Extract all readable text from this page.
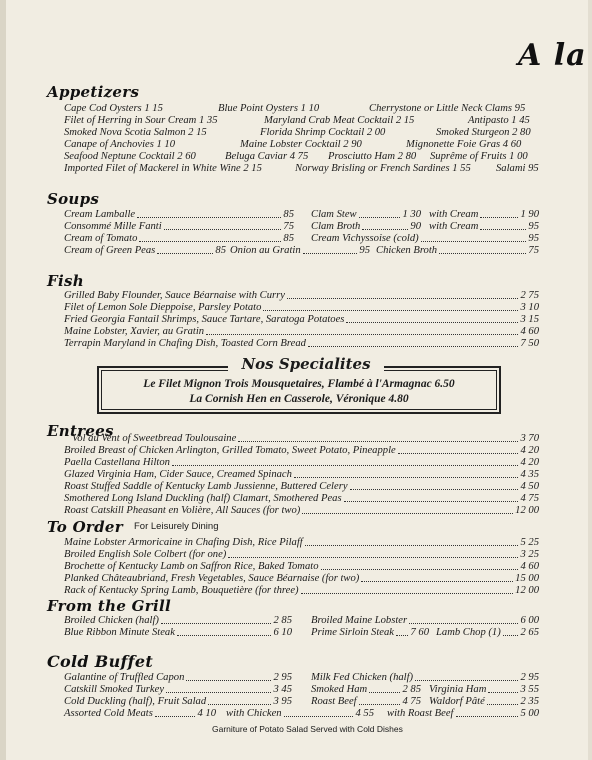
A la
Appetizers
Cape Cod Oysters 1 15	Blue Point Oysters 1 10	Cherrystone or Little Neck Clams 95
Filet of Herring in Sour Cream 1 35	Maryland Crab Meat Cocktail 2 15	Antipasto 1 45
Smoked Nova Scotia Salmon 2 15	Florida Shrimp Cocktail 2 00	Smoked Sturgeon 2 80
Canape of Anchovies 1 10	Maine Lobster Cocktail 2 90	Mignonette Foie Gras 4 60
Seafood Neptune Cocktail 2 60	Beluga Caviar 4 75 Prosciutto Ham 2 80 Suprême of Fruits 1 00
Imported Filet of Mackerel in White Wine 2 15	Norway Brisling or French Sardines 1 55 Salami 95
Soups
Cream Lamballe	85 Clam Stew	1 30 with Cream	1 90
Consommé Mille Fanti	75 Clam Broth	90 with Cream	95
Cream of Tomato	85 Cream Vichyssoise (cold)	95
Cream of Green Peas	85 Onion au Gratin	95 Chicken Broth	75
Fish
Grilled Baby Flounder, Sauce Béarnaise with Curry	2 75
Filet of Lemon Sole Dieppoise, Parsley Potato	3 10
Fried Georgia Fantail Shrimps, Sauce Tartare, Saratoga Potatoes	3 15
Maine Lobster, Xavier, au Gratin	4 60
Terrapin Maryland in Chafing Dish, Toasted Corn Bread	7 50
Nos Specialites
Le Filet Mignon Trois Mousquetaires, Flambé à l'Armagnac 6.50
La Cornish Hen en Casserole, Véronique 4.80
Entrees
Vol au Vent of Sweetbread Toulousaine	3 70
Broiled Breast of Chicken Arlington, Grilled Tomato, Sweet Potato, Pineapple	4 20
Paella Castellana Hilton	4 20
Glazed Virginia Ham, Cider Sauce, Creamed Spinach	4 35
Roast Stuffed Saddle of Kentucky Lamb Jussienne, Buttered Celery	4 50
Smothered Long Island Duckling (half) Clamart, Smothered Peas	4 75
Roast Catskill Pheasant en Volière, All Sauces (for two)	12 00
To Order For Leisurely Dining
Maine Lobster Armoricaine in Chafing Dish, Rice Pilaff	5 25
Broiled English Sole Colbert (for one)	3 25
Brochette of Kentucky Lamb on Saffron Rice, Baked Tomato	4 60
Planked Châteaubriand, Fresh Vegetables, Sauce Béarnaise (for two)	15 00
Rack of Kentucky Spring Lamb, Bouquetière (for three)	12 00
From the Grill
Broiled Chicken (half)	2 85 Broiled Maine Lobster	6 00
Blue Ribbon Minute Steak	6 10 Prime Sirloin Steak 7 60 Lamb Chop (1) 2 65
Cold Buffet
Galantine of Truffled Capon	2 95 Milk Fed Chicken (half)	2 95
Catskill Smoked Turkey	3 45 Smoked Ham	2 85 Virginia Ham	3 55
Cold Duckling (half), Fruit Salad	3 95 Roast Beef	4 75 Waldorf Pâté	2 35
Assorted Cold Meats	4 10 with Chicken	4 55 with Roast Beef	5 00
Garniture of Potato Salad Served with Cold Dishes
